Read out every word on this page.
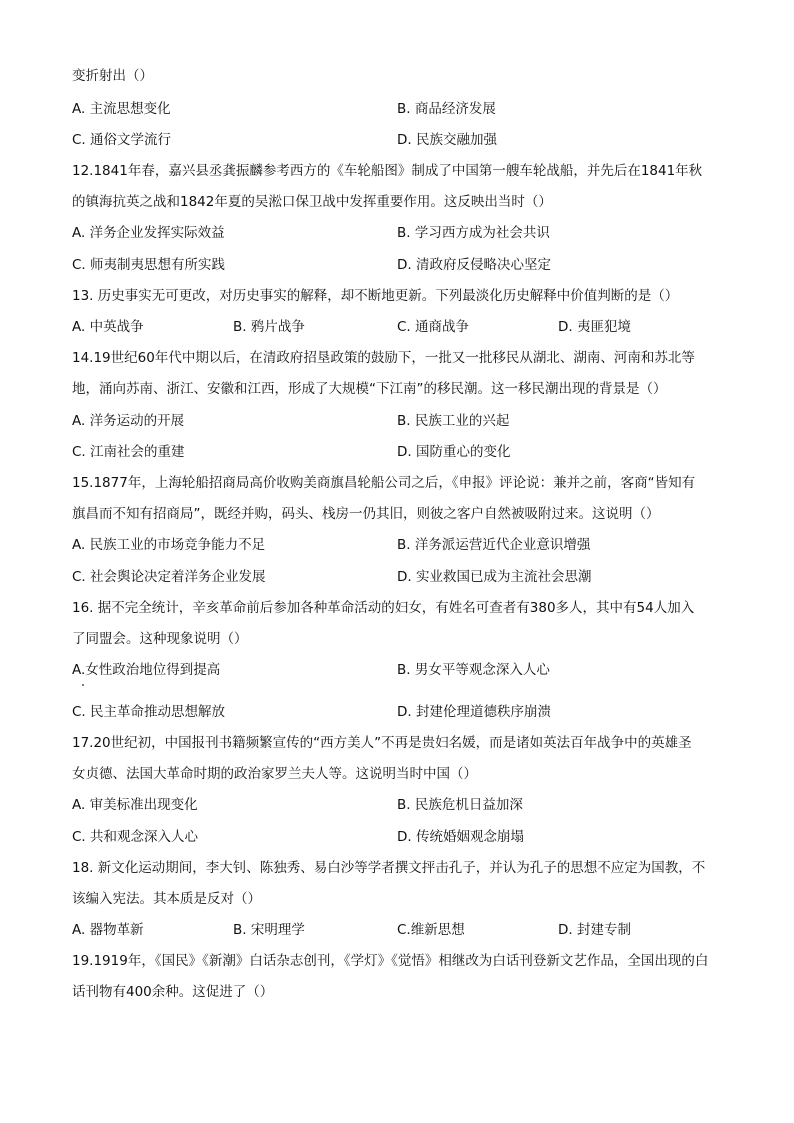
变折射出（）
A. 主流思想变化	B. 商品经济发展
C. 通俗文学流行	D. 民族交融加强
12.1841年春，嘉兴县丞龚振麟参考西方的《车轮船图》制成了中国第一艘车轮战船，并先后在1841年秋
的镇海抗英之战和1842年夏的吴淞口保卫战中发挥重要作用。这反映出当时（）
A. 洋务企业发挥实际效益	B. 学习西方成为社会共识
C. 师夷制夷思想有所实践	D. 清政府反侵略决心坚定
13. 历史事实无可更改，对历史事实的解释，却不断地更新。下列最淡化历史解释中价值判断的是（）
A. 中英战争	B. 鸦片战争	C. 通商战争	D. 夷匪犯境
14.19世纪60年代中期以后，在清政府招垦政策的鼓励下，一批又一批移民从湖北、湖南、河南和苏北等
地，涌向苏南、浙江、安徽和江西，形成了大规模“下江南”的移民潮。这一移民潮出现的背景是（）
A. 洋务运动的开展	B. 民族工业的兴起
C. 江南社会的重建	D. 国防重心的变化
15.1877年，上海轮船招商局高价收购美商旗昌轮船公司之后，《申报》评论说：兼并之前，客商“皆知有
旗昌而不知有招商局”，既经并购，码头、栈房一仍其旧，则彼之客户自然被吸附过来。这说明（）
A. 民族工业的市场竞争能力不足	B. 洋务派运营近代企业意识增强
C. 社会舆论决定着洋务企业发展	D. 实业救国已成为主流社会思潮
16. 据不完全统计，辛亥革命前后参加各种革命活动的妇女，有姓名可查者有380多人，其中有54人加入
了同盟会。这种现象说明（）
A.女性政治地位得到提高	B. 男女平等观念深入人心
C. 民主革命推动思想解放	D. 封建伦理道德秩序崩溃
17.20世纪初，中国报刊书籍频繁宣传的“西方美人”不再是贵妇名媛，而是诸如英法百年战争中的英雄圣
女贞德、法国大革命时期的政治家罗兰夫人等。这说明当时中国（）
A. 审美标准出现变化	B. 民族危机日益加深
C. 共和观念深入人心	D. 传统婚姻观念崩塌
18. 新文化运动期间，李大钊、陈独秀、易白沙等学者撰文抨击孔子，并认为孔子的思想不应定为国教，不
该编入宪法。其本质是反对（）
A. 器物革新	B. 宋明理学	C.维新思想	D. 封建专制
19.1919年，《国民》《新潮》白话杂志创刊，《学灯》《觉悟》相继改为白话刊登新文艺作品，全国出现的白
话刊物有400余种。这促进了（）
